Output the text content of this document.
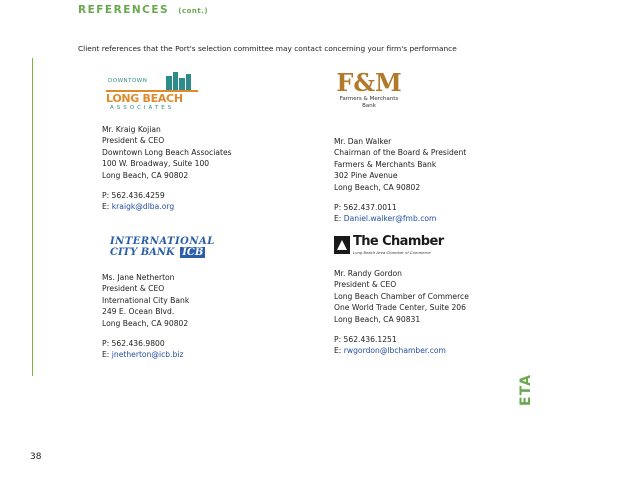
REFERENCES (cont.)
Client references that the Port's selection committee may contact concerning your firm's performance
DOWNTOWN
LONG BEACH
ASSOCIATES
Mr. Kraig Kojian
President & CEO
Downtown Long Beach Associates
100 W. Broadway, Suite 100
Long Beach, CA 90802
P: 562.436.4259
E: kraigk@dlba.org
F&M
Farmers & Merchants
Bank
Mr. Dan Walker
Chairman of the Board & President
Farmers & Merchants Bank
302 Pine Avenue
Long Beach, CA 90802
P: 562.437.0011
E: Daniel.walker@fmb.com
INTERNATIONAL
CITY BANK ICB
Ms. Jane Netherton
President & CEO
International City Bank
249 E. Ocean Blvd.
Long Beach, CA 90802
P: 562.436.9800
E: jnetherton@icb.biz
The Chamber
Long Beach Area Chamber of Commerce
Mr. Randy Gordon
President & CEO
Long Beach Chamber of Commerce
One World Trade Center, Suite 206
Long Beach, CA 90831
P: 562.436.1251
E: rwgordon@lbchamber.com
ETA
38
